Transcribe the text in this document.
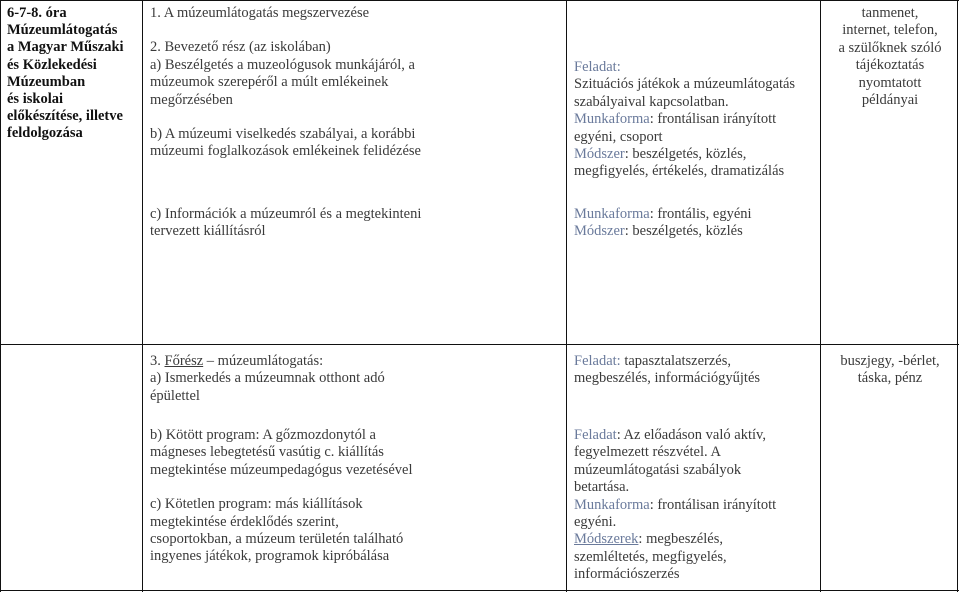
6-7-8. óra
Múzeumlátogatás
a Magyar Műszaki
és Közlekedési
Múzeumban
és iskolai
előkészítése, illetve
feldolgozása
1. A múzeumlátogatás megszervezése
2. Bevezető rész (az iskolában)
a) Beszélgetés a muzeológusok munkájáról, a
múzeumok szerepéről a múlt emlékeinek
megőrzésében
b) A múzeumi viselkedés szabályai, a korábbi
múzeumi foglalkozások emlékeinek felidézése
c) Információk a múzeumról és a megtekinteni
tervezett kiállításról
3. Főrész – múzeumlátogatás:
a) Ismerkedés a múzeumnak otthont adó
épülettel
b) Kötött program: A gőzmozdonytól a
mágneses lebegtetésű vasútig c. kiállítás
megtekintése múzeumpedagógus vezetésével
c) Kötetlen program: más kiállítások
megtekintése érdeklődés szerint,
csoportokban, a múzeum területén található
ingyenes játékok, programok kipróbálása
Feladat:
Szituációs játékok a múzeumlátogatás
szabályaival kapcsolatban.
Munkaforma: frontálisan irányított
egyéni, csoport
Módszer: beszélgetés, közlés,
megfigyelés, értékelés, dramatizálás
Munkaforma: frontális, egyéni
Módszer: beszélgetés, közlés
Feladat: tapasztalatszerzés,
megbeszélés, információgyűjtés
Feladat: Az előadáson való aktív,
fegyelmezett részvétel. A
múzeumlátogatási szabályok
betartása.
Munkaforma: frontálisan irányított
egyéni.
Módszerek: megbeszélés,
szemléltetés, megfigyelés,
információszerzés
tanmenet,
internet, telefon,
a szülőknek szóló
tájékoztatás
nyomtatott
példányai
buszjegy, -bérlet,
táska, pénz
